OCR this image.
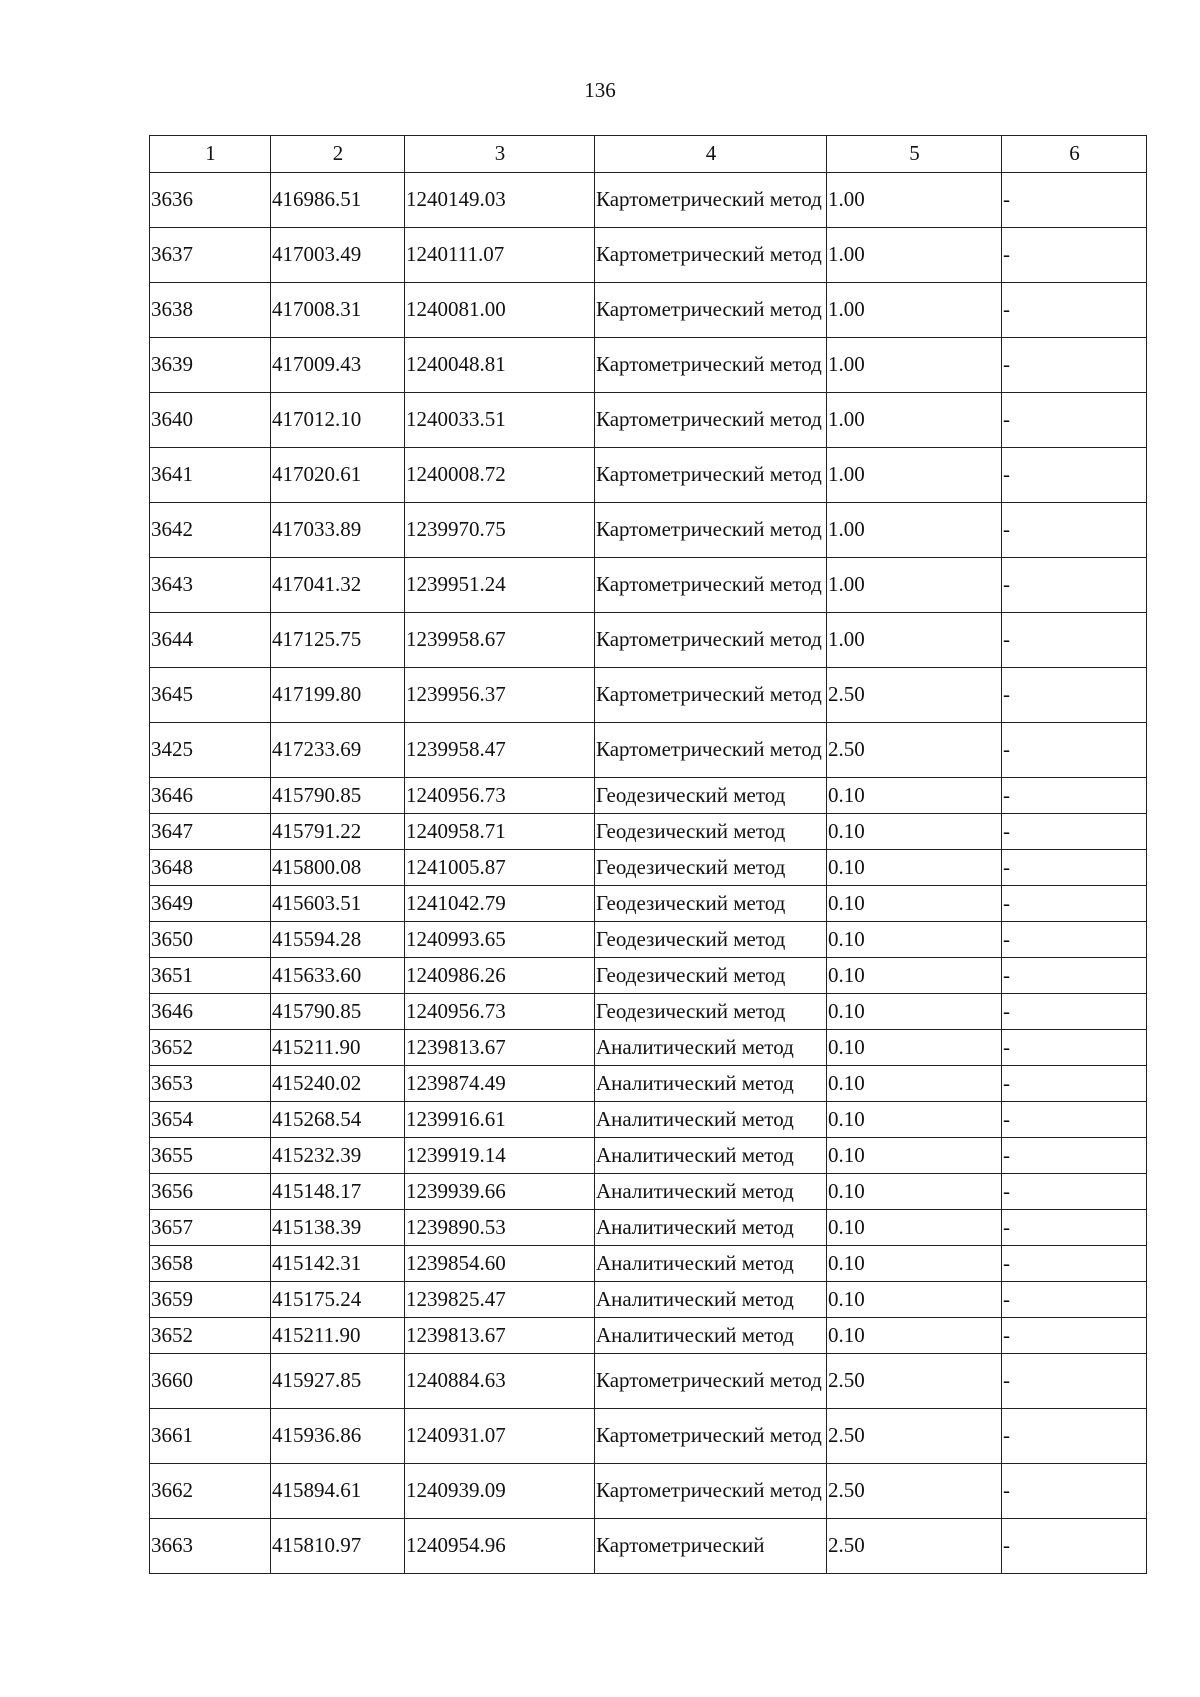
136
1	2	3	4	5	6
3636	416986.51	1240149.03	Картометрический метод	1.00	-
3637	417003.49	1240111.07	Картометрический метод	1.00	-
3638	417008.31	1240081.00	Картометрический метод	1.00	-
3639	417009.43	1240048.81	Картометрический метод	1.00	-
3640	417012.10	1240033.51	Картометрический метод	1.00	-
3641	417020.61	1240008.72	Картометрический метод	1.00	-
3642	417033.89	1239970.75	Картометрический метод	1.00	-
3643	417041.32	1239951.24	Картометрический метод	1.00	-
3644	417125.75	1239958.67	Картометрический метод	1.00	-
3645	417199.80	1239956.37	Картометрический метод	2.50	-
3425	417233.69	1239958.47	Картометрический метод	2.50	-
3646	415790.85	1240956.73	Геодезический метод	0.10	-
3647	415791.22	1240958.71	Геодезический метод	0.10	-
3648	415800.08	1241005.87	Геодезический метод	0.10	-
3649	415603.51	1241042.79	Геодезический метод	0.10	-
3650	415594.28	1240993.65	Геодезический метод	0.10	-
3651	415633.60	1240986.26	Геодезический метод	0.10	-
3646	415790.85	1240956.73	Геодезический метод	0.10	-
3652	415211.90	1239813.67	Аналитический метод	0.10	-
3653	415240.02	1239874.49	Аналитический метод	0.10	-
3654	415268.54	1239916.61	Аналитический метод	0.10	-
3655	415232.39	1239919.14	Аналитический метод	0.10	-
3656	415148.17	1239939.66	Аналитический метод	0.10	-
3657	415138.39	1239890.53	Аналитический метод	0.10	-
3658	415142.31	1239854.60	Аналитический метод	0.10	-
3659	415175.24	1239825.47	Аналитический метод	0.10	-
3652	415211.90	1239813.67	Аналитический метод	0.10	-
3660	415927.85	1240884.63	Картометрический метод	2.50	-
3661	415936.86	1240931.07	Картометрический метод	2.50	-
3662	415894.61	1240939.09	Картометрический метод	2.50	-
3663	415810.97	1240954.96	Картометрический	2.50	-
